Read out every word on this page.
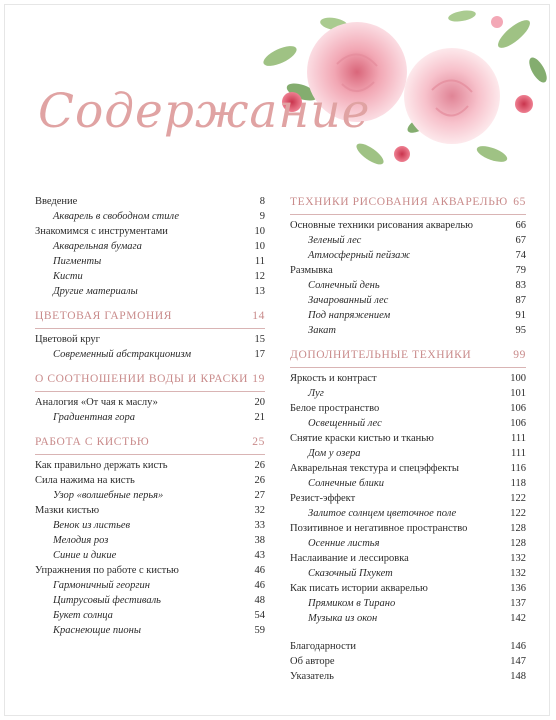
Содержание
Введение	8
Акварель в свободном стиле	9
Знакомимся с инструментами	10
Акварельная бумага	10
Пигменты	11
Кисти	12
Другие материалы	13
ЦВЕТОВАЯ ГАРМОНИЯ	14
Цветовой круг	15
Современный абстракционизм	17
О СООТНОШЕНИИ ВОДЫ И КРАСКИ 19
Аналогия «От чая к маслу»	20
Градиентная гора	21
РАБОТА С КИСТЬЮ	25
Как правильно держать кисть	26
Сила нажима на кисть	26
Узор «волшебные перья»	27
Мазки кистью	32
Венок из листьев	33
Мелодия роз	38
Синие и дикие	43
Упражнения по работе с кистью	46
Гармоничный георгин	46
Цитрусовый фестиваль	48
Букет солнца	54
Краснеющие пионы	59
ТЕХНИКИ РИСОВАНИЯ АКВАРЕЛЬЮ 65
Основные техники рисования акварелью	66
Зеленый лес	67
Атмосферный пейзаж	74
Размывка	79
Солнечный день	83
Зачарованный лес	87
Под напряжением	91
Закат	95
ДОПОЛНИТЕЛЬНЫЕ ТЕХНИКИ	99
Яркость и контраст	100
Луг	101
Белое пространство	106
Освещенный лес	106
Снятие краски кистью и тканью	111
Дом у озера	111
Акварельная текстура и спецэффекты	116
Солнечные блики	118
Резист-эффект	122
Залитое солнцем цветочное поле	122
Позитивное и негативное пространство	128
Осенние листья	128
Наслаивание и лессировка	132
Сказочный Пхукет	132
Как писать истории акварелью	136
Прямиком в Тирано	137
Музыка из окон	142
Благодарности	146
Об авторе	147
Указатель	148
